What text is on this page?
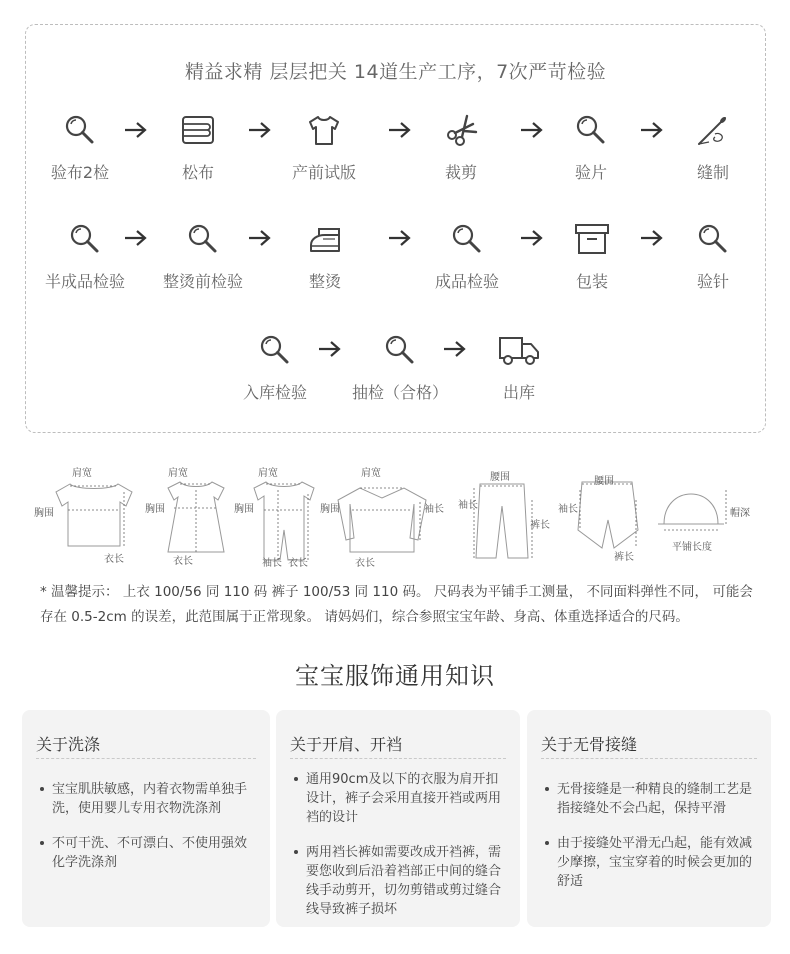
精益求精 层层把关 14道生产工序，7次严苛检验
验布2检	松布	产前试版	裁剪	验片	缝制
半成品检验	整烫前检验	整烫	成品检验	包装	验针
入库检验	抽检（合格）	出库
肩宽
胸围
衣长
肩宽
胸围
衣长
肩宽
胸围
袖长 衣长
肩宽
胸围	袖长
衣长
腰围
袖长
裤长
腰围
袖长
裤长
帽深
平铺长度
* 温馨提示： 上衣 100/56 同 110 码 裤子 100/53 同 110 码。 尺码表为平铺手工测量， 不同面料弹性不同， 可能会存在 0.5-2cm 的误差，此范围属于正常现象。 请妈妈们，综合参照宝宝年龄、身高、体重选择适合的尺码。
宝宝服饰通用知识
关于洗涤
宝宝肌肤敏感，内着衣物需单独手洗，使用婴儿专用衣物洗涤剂
不可干洗、不可漂白、不使用强效化学洗涤剂
关于开肩、开裆
通用90cm及以下的衣服为肩开扣设计，裤子会采用直接开裆或两用裆的设计
两用裆长裤如需要改成开裆裤，需要您收到后沿着裆部正中间的缝合线手动剪开，切勿剪错或剪过缝合线导致裤子损坏
关于无骨接缝
无骨接缝是一种精良的缝制工艺是指接缝处不会凸起，保持平滑
由于接缝处平滑无凸起，能有效减少摩擦，宝宝穿着的时候会更加的舒适
